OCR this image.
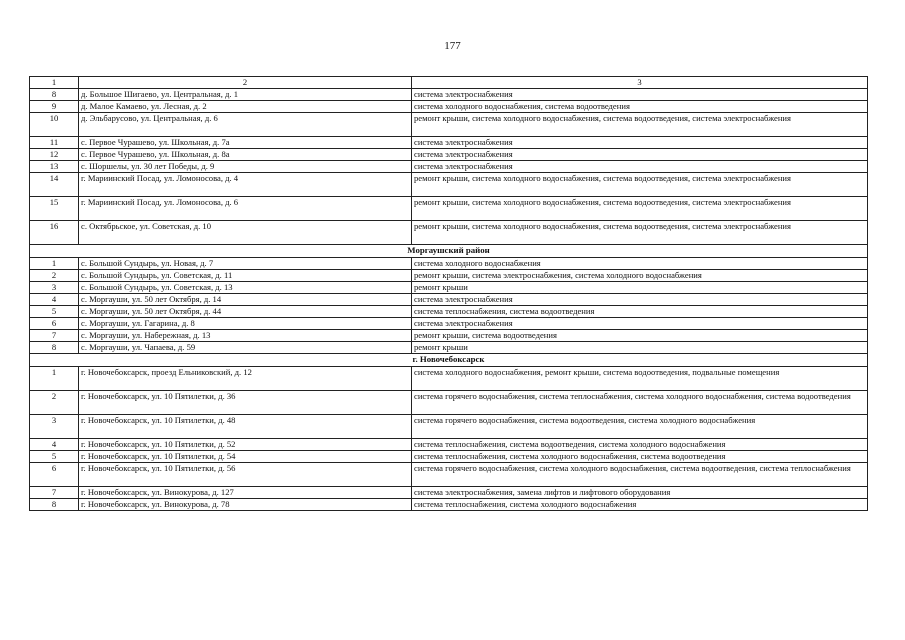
177
1	2	3
8	д. Большое Шигаево, ул. Центральная, д. 1	система электроснабжения
9	д. Малое Камаево, ул. Лесная, д. 2	система холодного водоснабжения, система водоотведения
10	д. Эльбарусово, ул. Центральная, д. 6	ремонт крыши, система холодного водоснабжения, система водоотведения, система электроснабжения
11	с. Первое Чурашево, ул. Школьная, д. 7а	система электроснабжения
12	с. Первое Чурашево, ул. Школьная, д. 8а	система электроснабжения
13	с. Шоршелы, ул. 30 лет Победы, д. 9	система электроснабжения
14	г. Мариинский Посад, ул. Ломоносова, д. 4	ремонт крыши, система холодного водоснабжения, система водоотведения, система электроснабжения
15	г. Мариинский Посад, ул. Ломоносова, д. 6	ремонт крыши, система холодного водоснабжения, система водоотведения, система электроснабжения
16	с. Октябрьское, ул. Советская, д. 10	ремонт крыши, система холодного водоснабжения, система водоотведения, система электроснабжения
Моргаушский район		
1	с. Большой Сундырь, ул. Новая, д. 7	система холодного водоснабжения
2	с. Большой Сундырь, ул. Советская, д. 11	ремонт крыши, система электроснабжения, система холодного водоснабжения
3	с. Большой Сундырь, ул. Советская, д. 13	ремонт крыши
4	с. Моргауши, ул. 50 лет Октября, д. 14	система электроснабжения
5	с. Моргауши, ул. 50 лет Октября, д. 44	система теплоснабжения, система водоотведения
6	с. Моргауши, ул. Гагарина, д. 8	система электроснабжения
7	с. Моргауши, ул. Набережная, д. 13	ремонт крыши, система водоотведения
8	с. Моргауши, ул. Чапаева, д. 59	ремонт крыши
г. Новочебоксарск		
1	г. Новочебоксарск, проезд Ельниковский, д. 12	система холодного водоснабжения, ремонт крыши, система водоотведения, подвальные помещения
2	г. Новочебоксарск, ул. 10 Пятилетки, д. 36	система горячего водоснабжения, система теплоснабжения, система холодного водоснабжения, система водоотведения
3	г. Новочебоксарск, ул. 10 Пятилетки, д. 48	система горячего водоснабжения, система водоотведения, система холодного водоснабжения
4	г. Новочебоксарск, ул. 10 Пятилетки, д. 52	система теплоснабжения, система водоотведения, система холодного водоснабжения
5	г. Новочебоксарск, ул. 10 Пятилетки, д. 54	система теплоснабжения, система холодного водоснабжения, система водоотведения
6	г. Новочебоксарск, ул. 10 Пятилетки, д. 56	система горячего водоснабжения, система холодного водоснабжения, система водоотведения, система теплоснабжения
7	г. Новочебоксарск, ул. Винокурова, д. 127	система электроснабжения, замена лифтов и лифтового оборудования
8	г. Новочебоксарск, ул. Винокурова, д. 78	система теплоснабжения, система холодного водоснабжения
